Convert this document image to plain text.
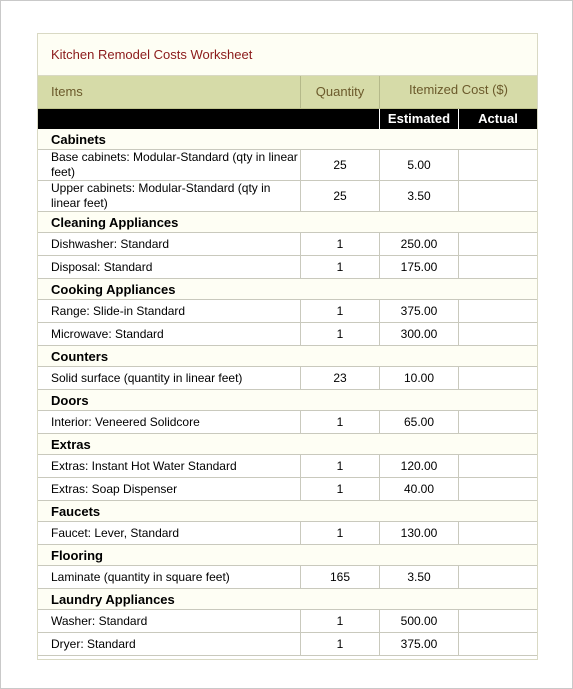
Kitchen Remodel Costs Worksheet
Items	Quantity	Itemized Cost ($)
Estimated	Actual
Cabinets
Base cabinets: Modular-Standard (qty in linear feet)	25	5.00
Upper cabinets: Modular-Standard (qty in linear feet)	25	3.50
Cleaning Appliances
Dishwasher: Standard	1	250.00
Disposal: Standard	1	175.00
Cooking Appliances
Range: Slide-in Standard	1	375.00
Microwave: Standard	1	300.00
Counters
Solid surface (quantity in linear feet)	23	10.00
Doors
Interior: Veneered Solidcore	1	65.00
Extras
Extras: Instant Hot Water Standard	1	120.00
Extras: Soap Dispenser	1	40.00
Faucets
Faucet: Lever, Standard	1	130.00
Flooring
Laminate (quantity in square feet)	165	3.50
Laundry Appliances
Washer: Standard	1	500.00
Dryer: Standard	1	375.00
